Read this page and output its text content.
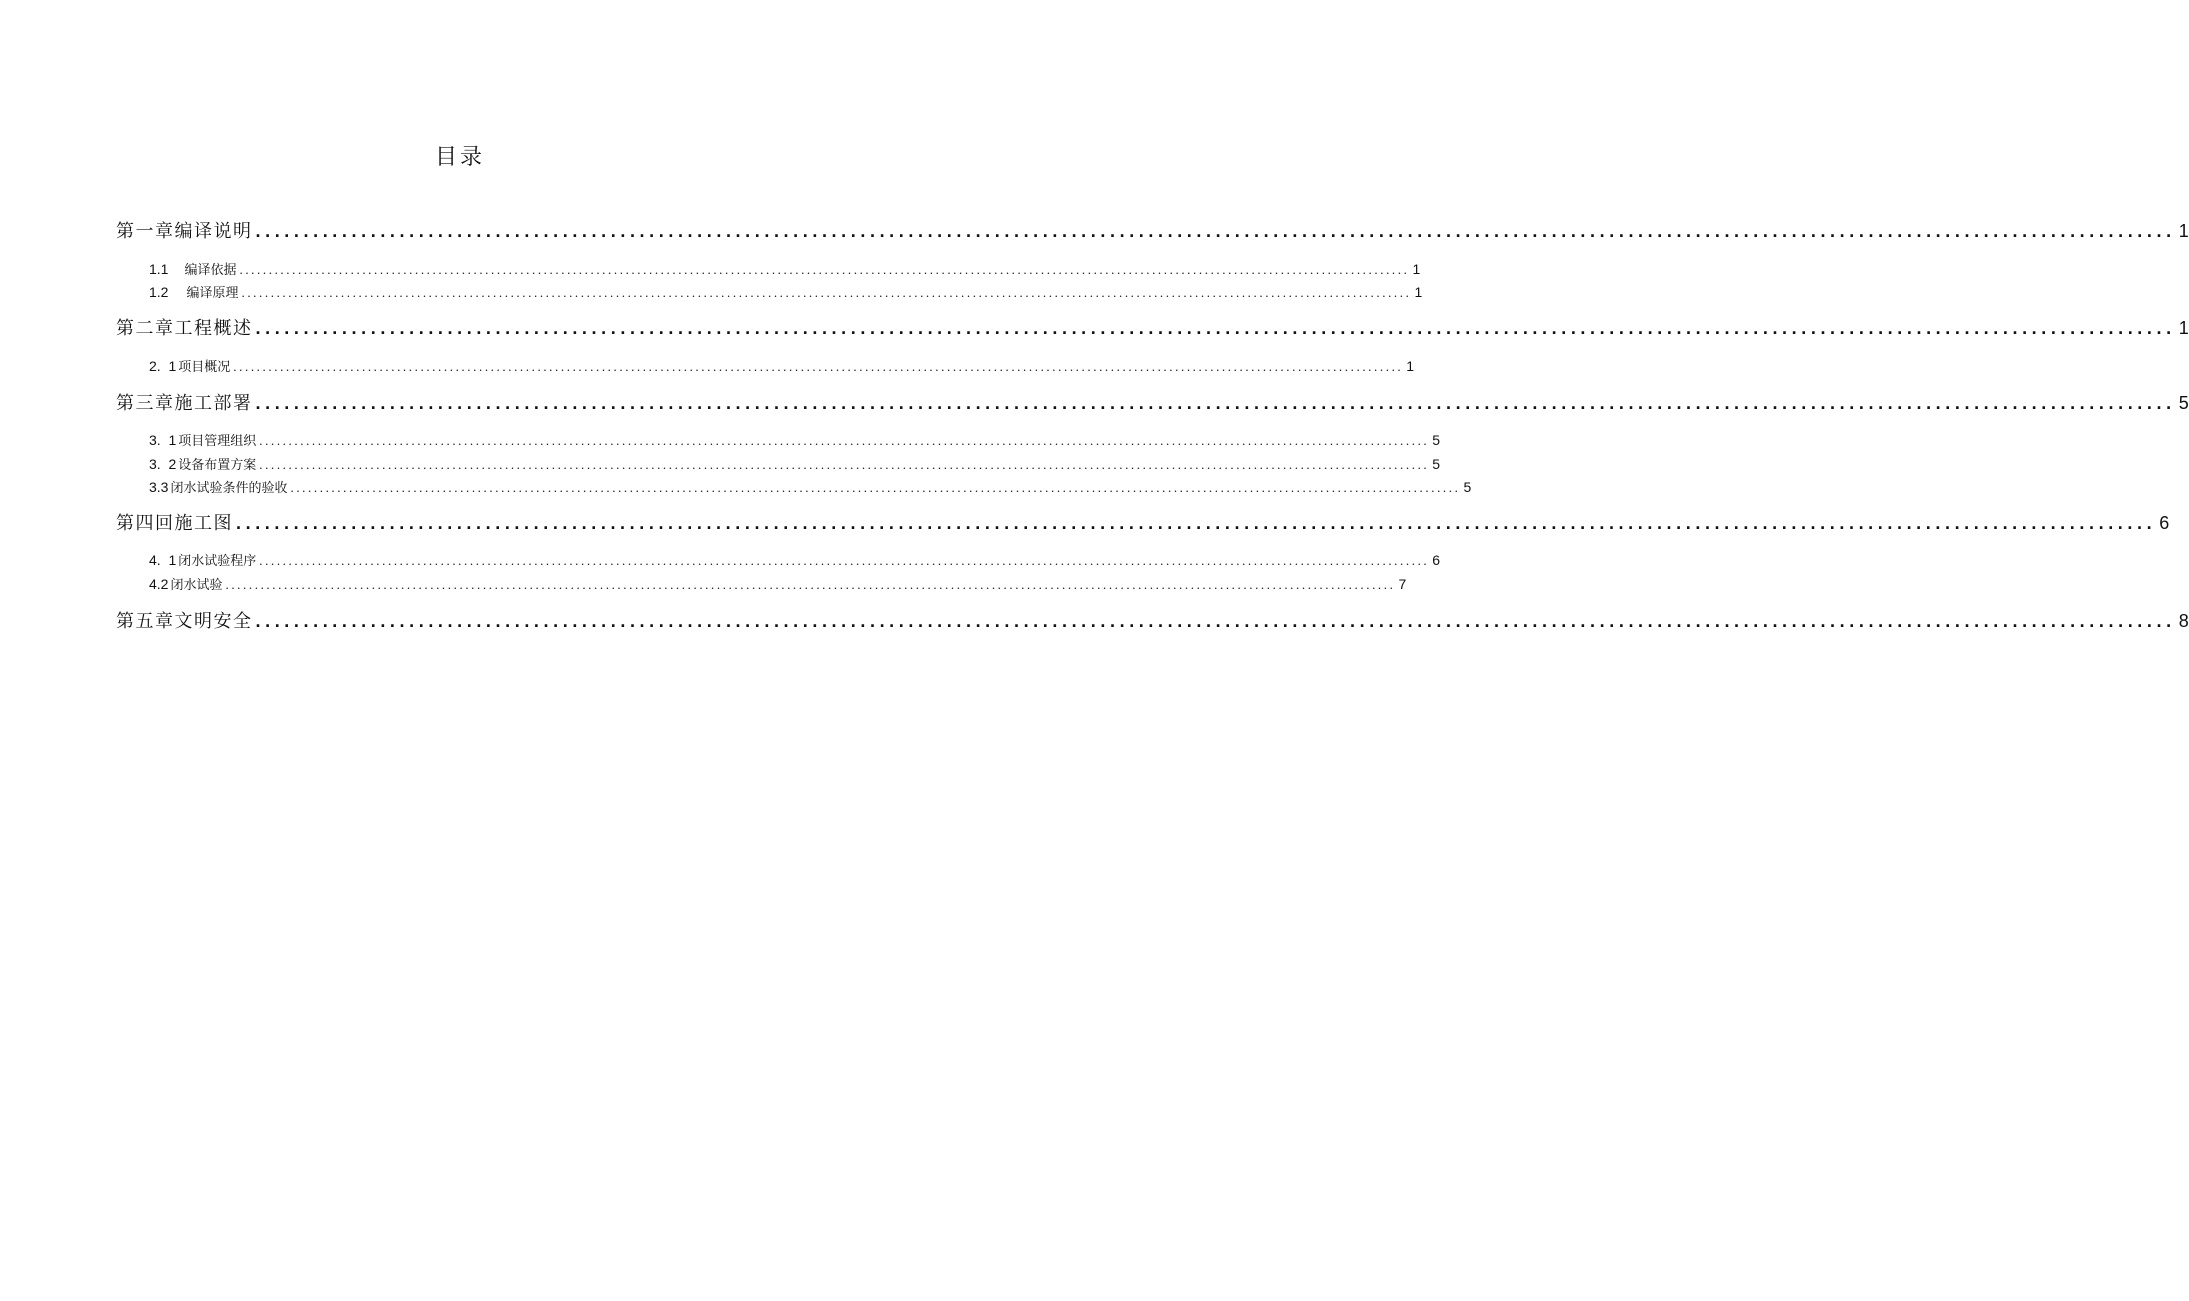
目录
第一章编译说明 ........................................................................................................................................................................................................ 1
1.1 编译依据 ........................................................................................................................................................................................................ 1
1.2 编译原理 ........................................................................................................................................................................................................ 1
第二章工程概述 ........................................................................................................................................................................................................ 1
2.  1 项目概况 ........................................................................................................................................................................................................ 1
第三章施工部署 ........................................................................................................................................................................................................ 5
3.  1 项目管理组织 ........................................................................................................................................................................................................ 5
3.  2 设备布置方案 ........................................................................................................................................................................................................ 5
3.3 闭水试验条件的验收 ........................................................................................................................................................................................................ 5
第四回施工图 ........................................................................................................................................................................................................ 6
4.  1 闭水试验程序 ........................................................................................................................................................................................................ 6
4.2 闭水试验 ........................................................................................................................................................................................................ 7
第五章文明安全 ........................................................................................................................................................................................................ 8
